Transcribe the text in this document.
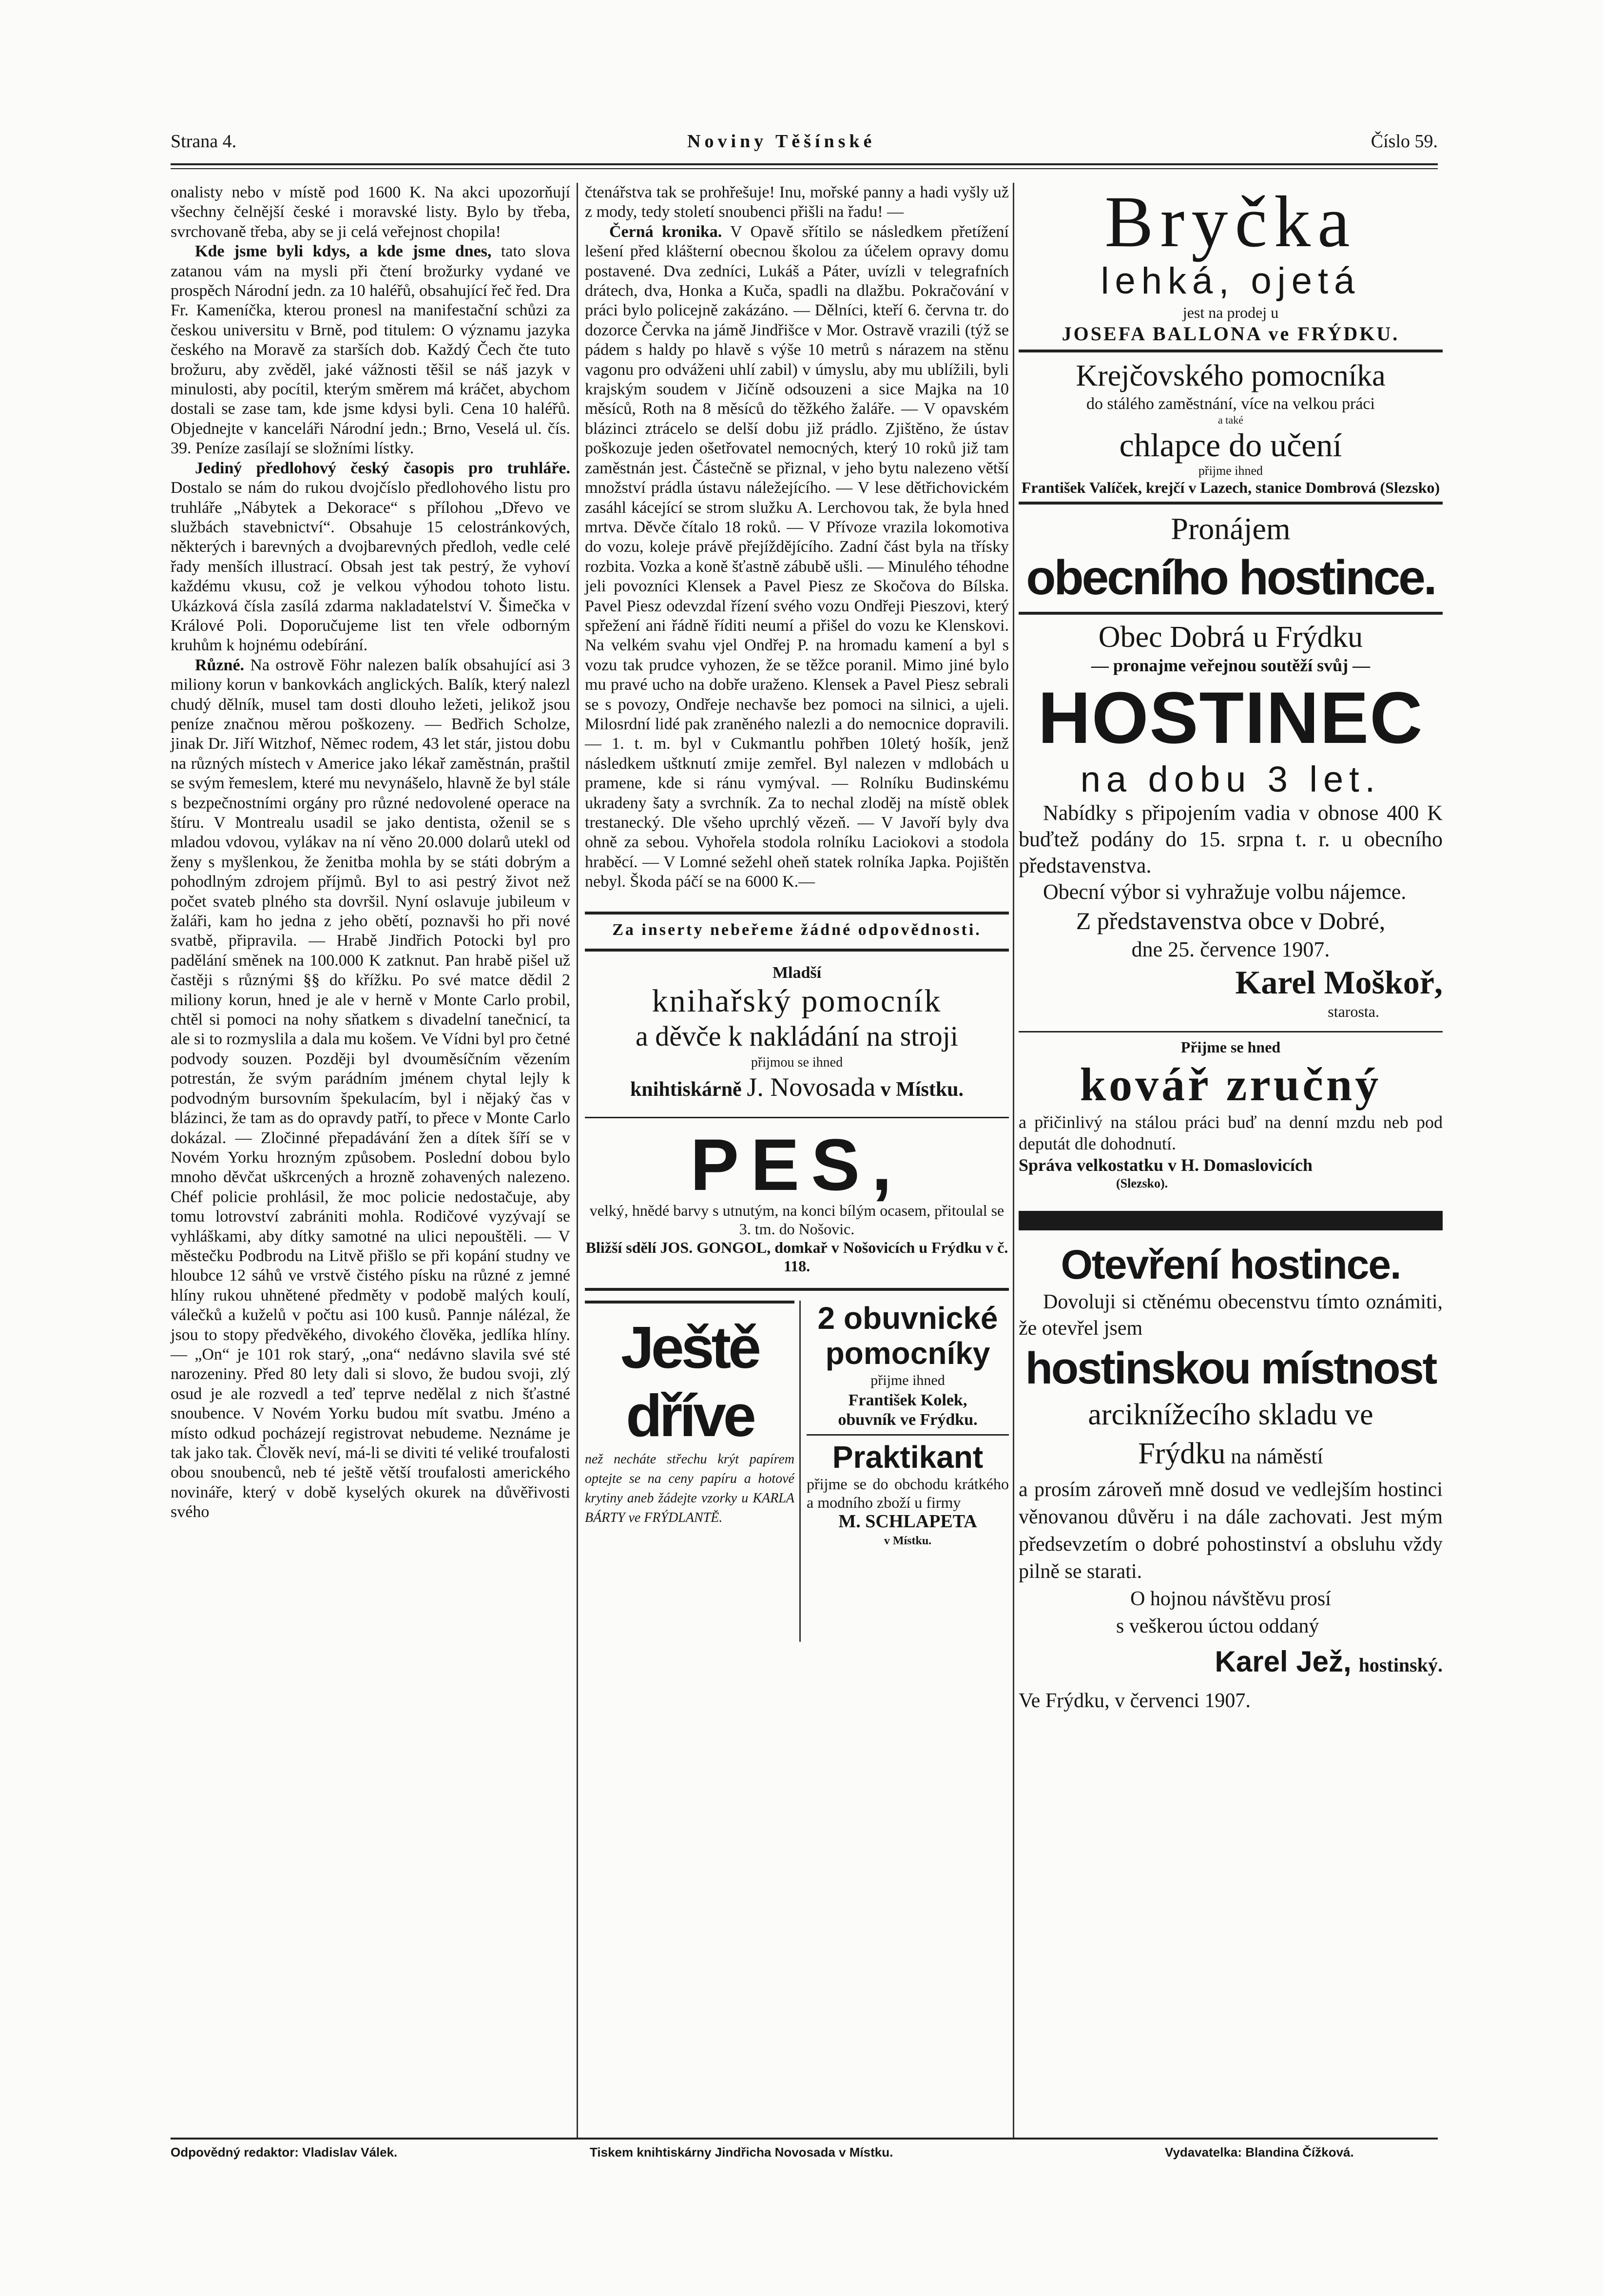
Strana 4.	Noviny Těšínské	Číslo 59.

onalisty nebo v místě pod 1600 K. Na akci upozorňují všechny čelnější české i moravské listy. Bylo by třeba, svrchovaně třeba, aby se ji celá veřejnost chopila!

Kde jsme byli kdys, a kde jsme dnes, tato slova zatanou vám na mysli při čtení brožurky vydané ve prospěch Národní jedn. za 10 haléřů, obsahující řeč řed. Dra Fr. Kameníčka, kterou pronesl na manifestační schůzi za českou universitu v Brně, pod titulem: O významu jazyka českého na Moravě za starších dob. Každý Čech čte tuto brožuru, aby zvěděl, jaké vážnosti těšil se náš jazyk v minulosti, aby pocítil, kterým směrem má kráčet, abychom dostali se zase tam, kde jsme kdysi byli. Cena 10 haléřů. Objednejte v kanceláři Národní jedn.; Brno, Veselá ul. čís. 39. Peníze zasílají se složními lístky.

Jediný předlohový český časopis pro truhláře. Dostalo se nám do rukou dvojčíslo předlohového listu pro truhláře „Nábytek a Dekorace“ s přílohou „Dřevo ve službách stavebnictví“. Obsahuje 15 celostránkových, některých i barevných a dvojbarevných předloh, vedle celé řady menších illustrací. Obsah jest tak pestrý, že vyhoví každému vkusu, což je velkou výhodou tohoto listu. Ukázková čísla zasílá zdarma nakladatelství V. Šimečka v Králové Poli. Doporučujeme list ten vřele odborným kruhům k hojnému odebírání.

Různé. Na ostrově Föhr nalezen balík obsahující asi 3 miliony korun v bankovkách anglických. Balík, který nalezl chudý dělník, musel tam dosti dlouho ležeti, jelikož jsou peníze značnou měrou poškozeny. — Bedřich Scholze, jinak Dr. Jiří Witzhof, Němec rodem, 43 let stár, jistou dobu na různých místech v Americe jako lékař zaměstnán, praštil se svým řemeslem, které mu nevynášelo, hlavně že byl stále s bezpečnostními orgány pro různé nedovolené operace na štíru. V Montrealu usadil se jako dentista, oženil se s mladou vdovou, vylákav na ní věno 20.000 dolarů utekl od ženy s myšlenkou, že ženitba mohla by se státi dobrým a pohodlným zdrojem příjmů. Byl to asi pestrý život než počet svateb plného sta dovršil. Nyní oslavuje jubileum v žaláři, kam ho jedna z jeho obětí, poznavši ho při nové svatbě, připravila. — Hrabě Jindřich Potocki byl pro padělání směnek na 100.000 K zatknut. Pan hrabě pišel už častěji s různými §§ do křížku. Po své matce dědil 2 miliony korun, hned je ale v herně v Monte Carlo probil, chtěl si pomoci na nohy sňatkem s divadelní tanečnicí, ta ale si to rozmyslila a dala mu košem. Ve Vídni byl pro četné podvody souzen. Později byl dvouměsíčním vězením potrestán, že svým parádním jménem chytal lejly k podvodným bursovním špekulacím, byl i nějaký čas v blázinci, že tam as do opravdy patří, to přece v Monte Carlo dokázal. — Zločinné přepadávání žen a dítek šíří se v Novém Yorku hrozným způsobem. Poslední dobou bylo mnoho děvčat uškrcených a hrozně zohavených nalezeno. Chéf policie prohlásil, že moc policie nedostačuje, aby tomu lotrovství zabrániti mohla. Rodičové vyzývají se vyhláškami, aby dítky samotné na ulici nepouštěli. — V městečku Podbrodu na Litvě přišlo se při kopání studny ve hloubce 12 sáhů ve vrstvě čistého písku na různé z jemné hlíny rukou uhnětené předměty v podobě malých koulí, válečků a kuželů v počtu asi 100 kusů. Pannje nálézal, že jsou to stopy předvěkého, divokého člověka, jedlíka hlíny. — „On“ je 101 rok starý, „ona“ nedávno slavila své sté narozeniny. Před 80 lety dali si slovo, že budou svoji, zlý osud je ale rozvedl a teď teprve nedělal z nich šťastné snoubence. V Novém Yorku budou mít svatbu. Jméno a místo odkud pocházejí registrovat nebudeme. Neznáme je tak jako tak. Člověk neví, má-li se diviti té veliké troufalosti obou snoubenců, neb té ještě větší troufalosti amerického novináře, který v době kyselých okurek na důvěřivosti svého

čtenářstva tak se prohřešuje! Inu, mořské panny a hadi vyšly už z mody, tedy století snoubenci přišli na řadu! —

Černá kronika. V Opavě sřítilo se následkem přetížení lešení před klášterní obecnou školou za účelem opravy domu postavené. Dva zedníci, Lukáš a Páter, uvízli v telegrafních drátech, dva, Honka a Kuča, spadli na dlažbu. Pokračování v práci bylo policejně zakázáno. — Dělníci, kteří 6. června tr. do dozorce Červka na jámě Jindřišce v Mor. Ostravě vrazili (týž se pádem s haldy po hlavě s výše 10 metrů s nárazem na stěnu vagonu pro odváženi uhlí zabil) v úmyslu, aby mu ublížili, byli krajským soudem v Jičíně odsouzeni a sice Majka na 10 měsíců, Roth na 8 měsíců do těžkého žaláře. — V opavském blázinci ztrácelo se delší dobu již prádlo. Zjištěno, že ústav poškozuje jeden ošetřovatel nemocných, který 10 roků již tam zaměstnán jest. Částečně se přiznal, v jeho bytu nalezeno větší množství prádla ústavu náležejícího. — V lese dětřichovickém zasáhl kácející se strom služku A. Lerchovou tak, že byla hned mrtva. Děvče čítalo 18 roků. — V Přívoze vrazila lokomotiva do vozu, koleje právě přejíždějícího. Zadní část byla na třísky rozbita. Vozka a koně šťastně zábubě ušli. — Minulého téhodne jeli povozníci Klensek a Pavel Piesz ze Skočova do Bílska. Pavel Piesz odevzdal řízení svého vozu Ondřeji Pieszovi, který spřežení ani řádně říditi neumí a přišel do vozu ke Klenskovi. Na velkém svahu vjel Ondřej P. na hromadu kamení a byl s vozu tak prudce vyhozen, že se těžce poranil. Mimo jiné bylo mu pravé ucho na dobře uraženo. Klensek a Pavel Piesz sebrali se s povozy, Ondřeje nechavše bez pomoci na silnici, a ujeli. Milosrdní lidé pak zraněného nalezli a do nemocnice dopravili. — 1. t. m. byl v Cukmantlu pohřben 10letý hošík, jenž následkem uštknutí zmije zemřel. Byl nalezen v mdlobách u pramene, kde si ránu vymýval. — Rolníku Budinskému ukradeny šaty a svrchník. Za to nechal zloděj na místě oblek trestanecký. Dle všeho uprchlý vězeň. — V Javoří byly dva ohně za sebou. Vyhořela stodola rolníku Laciokovi a stodola hraběcí. — V Lomné sežehl oheň statek rolníka Japka. Pojištěn nebyl. Škoda páčí se na 6000 K.—

Za inserty nebeřeme žádné odpovědnosti.
Mladší
knihařský pomocník
a děvče k nakládání na stroji
přijmou se ihned
knihtiskárně J. Novosada v Místku.
PES,
velký, hnědé barvy s utnutým, na konci bílým ocasem, přitoulal se 3. tm. do Nošovic.
Bližší sdělí JOS. GONGOL, domkař v Nošovicích u Frýdku v č. 118.
Ještě dříve
než necháte střechu krýt papírem optejte se na ceny papíru a hotové krytiny aneb žádejte vzorky u KARLA BÁRTY ve FRÝDLANTĚ.
2 obuvnické
pomocníky
přijme ihned
František Kolek,
obuvník ve Frýdku.
Praktikant
přijme se do obchodu krátkého a modního zboží u firmy
M. SCHLAPETA
v Místku.
Bryčka
lehká, ojetá
jest na prodej u
JOSEFA BALLONA ve FRÝDKU.
Krejčovského pomocníka
do stálého zaměstnání, více na velkou práci
a také
chlapce do učení
přijme ihned
František Valíček, krejčí v Lazech, stanice Dombrová (Slezsko)
Pronájem
obecního hostince.
Obec Dobrá u Frýdku
— pronajme veřejnou soutěží svůj —
HOSTINEC
na dobu 3 let.
Nabídky s připojením vadia v obnose 400 K buďtež podány do 15. srpna t. r. u obecního představenstva.
Obecní výbor si vyhražuje volbu nájemce.
Z představenstva obce v Dobré,
dne 25. července 1907.
Karel Moškoř,
starosta.
Přijme se hned
kovář zručný
a přičinlivý na stálou práci buď na denní mzdu neb pod deputát dle dohodnutí.
Správa velkostatku v H. Domaslovicích
(Slezsko).
Otevření hostince.
Dovoluji si ctěnému obecenstvu tímto oznámiti, že otevřel jsem
hostinskou místnost
arciknížecího skladu ve
Frýdku na náměstí
a prosím zároveň mně dosud ve vedlejším hostinci věnovanou důvěru i na dále zachovati. Jest mým předsevzetím o dobré pohostinství a obsluhu vždy pilně se starati.
O hojnou návštěvu prosí
s veškerou úctou oddaný
Karel Jež, hostinský.
Ve Frýdku, v červenci 1907.
Odpovědný redaktor: Vladislav Válek.	Tiskem knihtiskárny Jindřicha Novosada v Místku.	Vydavatelka: Blandina Čížková.
